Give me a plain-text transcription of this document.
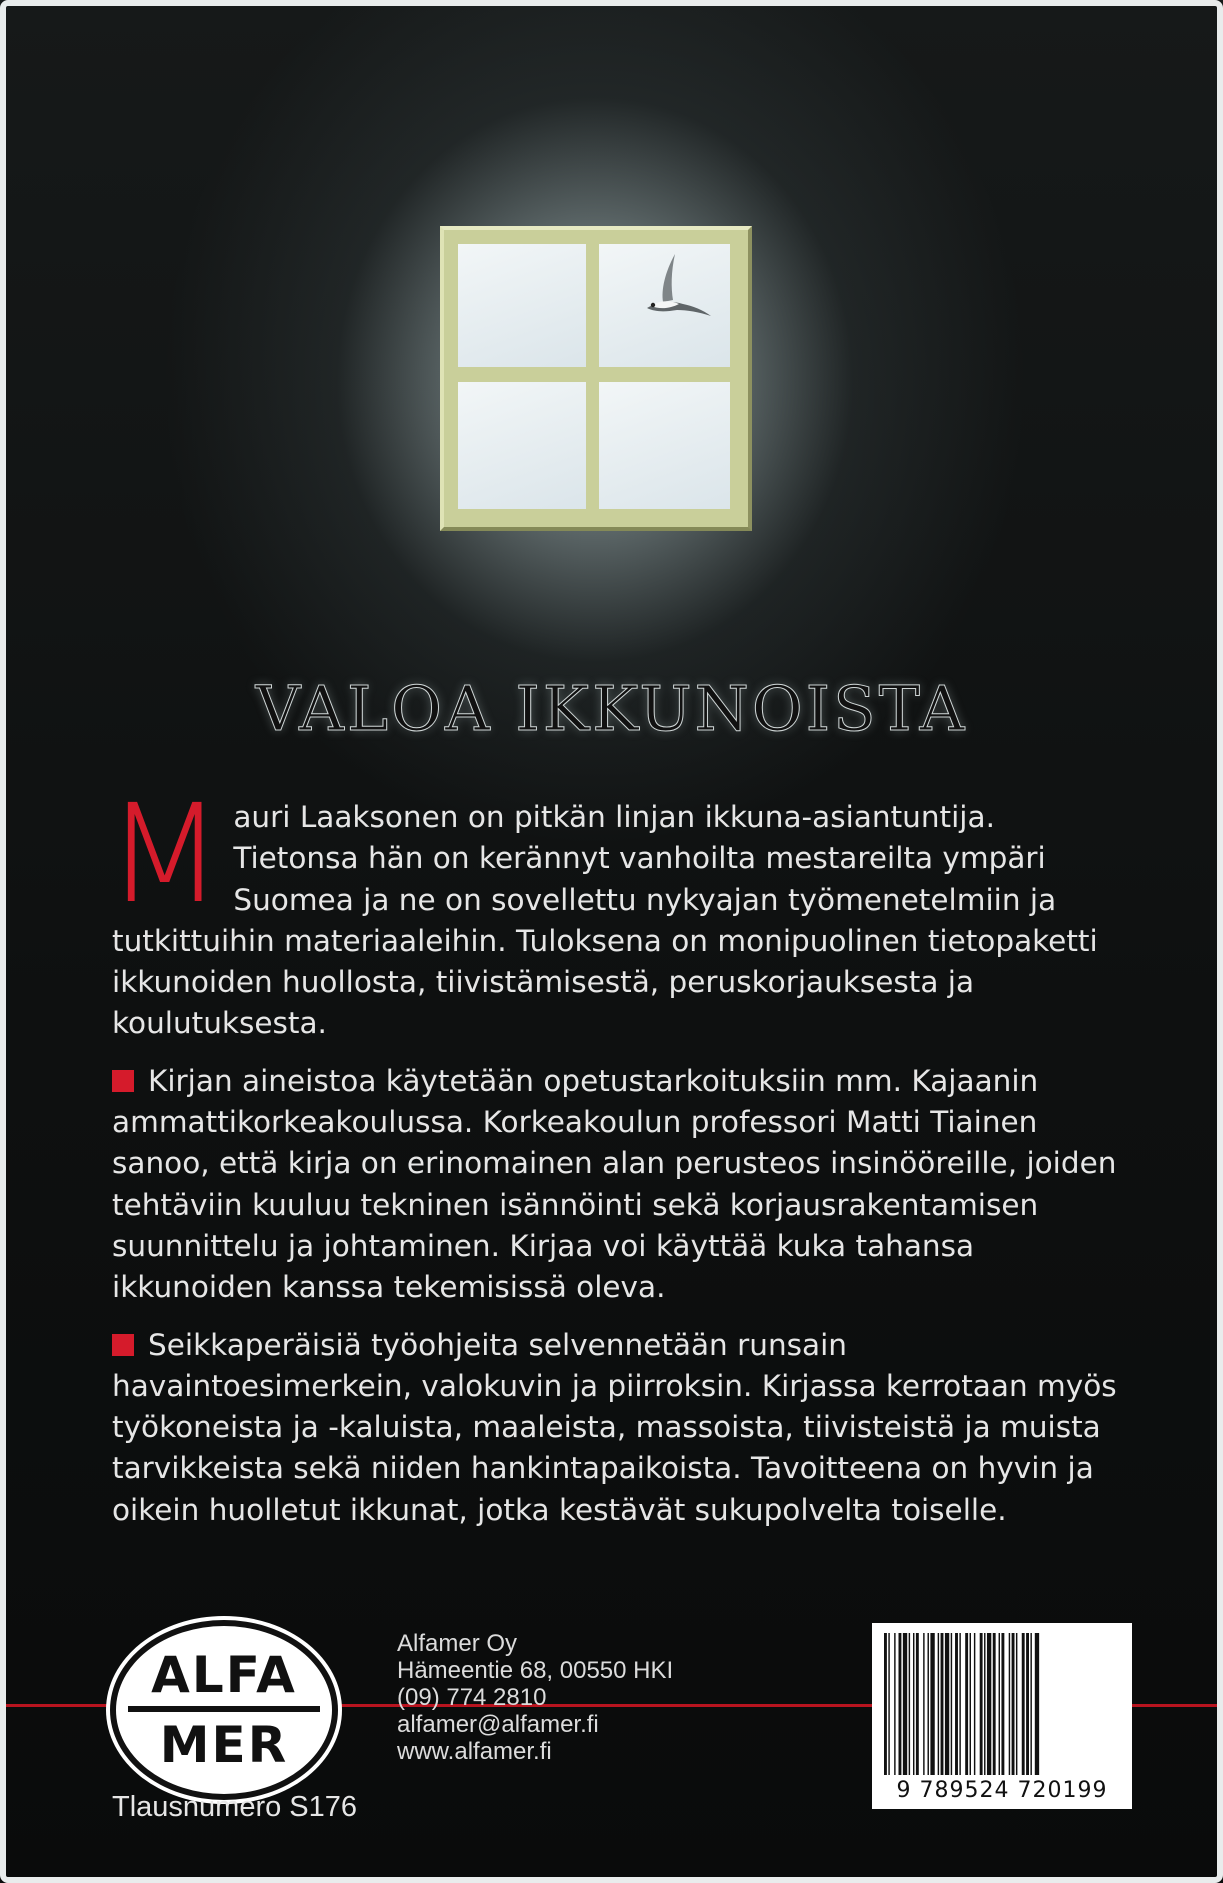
VALOA IKKUNOISTA

Mauri Laaksonen on pitkän linjan ikkuna-asiantuntija. Tietonsa hän on kerännyt vanhoilta mestareilta ympäri Suomea ja ne on sovellettu nykyajan työmenetelmiin ja tutkittuihin materiaaleihin. Tuloksena on monipuolinen tietopaketti ikkunoiden huollosta, tiivistämisestä, peruskorjauksesta ja koulutuksesta.

Kirjan aineistoa käytetään opetustarkoituksiin mm. Kajaanin ammattikorkeakoulussa. Korkeakoulun professori Matti Tiainen sanoo, että kirja on erinomainen alan perusteos insinööreille, joiden tehtäviin kuuluu tekninen isännöinti sekä korjausrakentamisen suunnittelu ja johtaminen. Kirjaa voi käyttää kuka tahansa ikkunoiden kanssa tekemisissä oleva.

Seikkaperäisiä työohjeita selvennetään runsain havaintoesimerkein, valokuvin ja piirroksin. Kirjassa kerrotaan myös työkoneista ja -kaluista, maaleista, massoista, tiivisteistä ja muista tarvikkeista sekä niiden hankintapaikoista. Tavoitteena on hyvin ja oikein huolletut ikkunat, jotka kestävät sukupolvelta toiselle.

ALFA
MER
Tlausnumero S176
Alfamer Oy
Hämeentie 68, 00550 HKI
(09) 774 2810
alfamer@alfamer.fi
www.alfamer.fi
9 789524 720199
